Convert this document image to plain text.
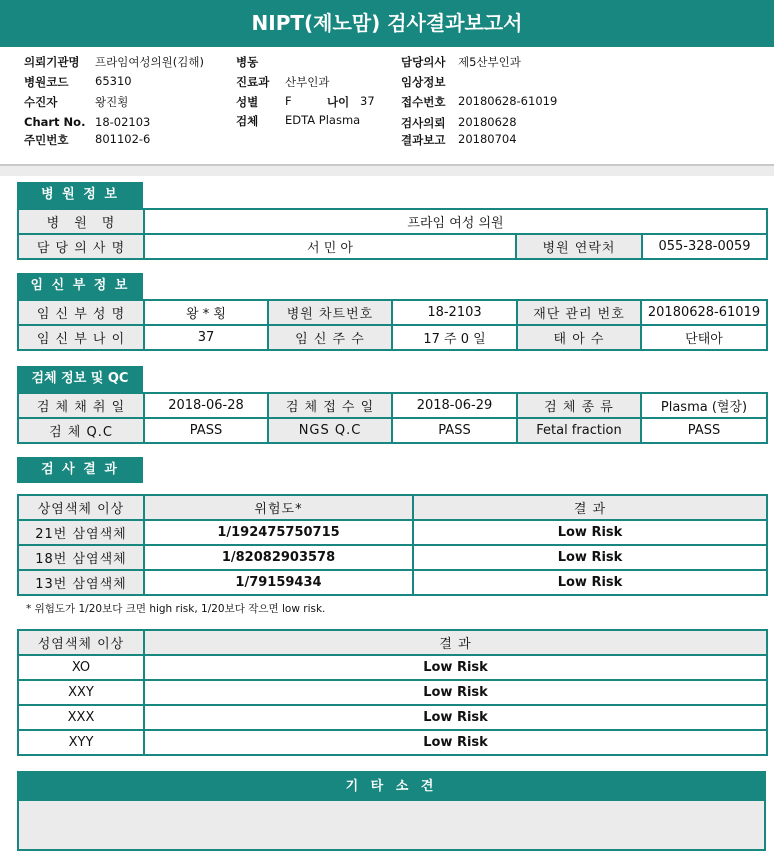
NIPT(제노맘) 검사결과보고서
의뢰기관명 프라임여성의원(김해)
병원코드 65310
수진자	왕진횡
Chart No. 18-02103
주민번호 801102-6
병동
진료과 산부인과
성별 F	나이 37
검체 EDTA Plasma
담당의사 제5산부인과
임상정보
접수번호 20180628-61019
검사의뢰 20180628
결과보고 20180704
병 원 정 보
병　원　명	프라임 여성 의원		
담 당 의 사 명	서 민 아	병원 연락처	055-328-0059
임 신 부 정 보
임 신 부 성 명	왕 * 횡	병원 차트번호	18-2103	재단 관리 번호	20180628-61019
임 신 부 나 이	37	임 신 주 수	17 주 0 일	태 아 수	단태아
검체 정보 및 QC
검 체 채 취 일	2018-06-28	검 체 접 수 일	2018-06-29	검 체 종 류	Plasma (혈장)
검 체 Q.C	PASS	NGS Q.C	PASS	Fetal fraction	PASS
검 사 결 과
상염색체 이상	위험도*	결 과
21번 삼염색체	1/192475750715	Low Risk
18번 삼염색체	1/82082903578	Low Risk
13번 삼염색체	1/79159434	Low Risk
* 위험도가 1/20보다 크면 high risk, 1/20보다 작으면 low risk.
성염색체 이상	결 과
XO	Low Risk
XXY	Low Risk
XXX	Low Risk
XYY	Low Risk
기 타 소 견
